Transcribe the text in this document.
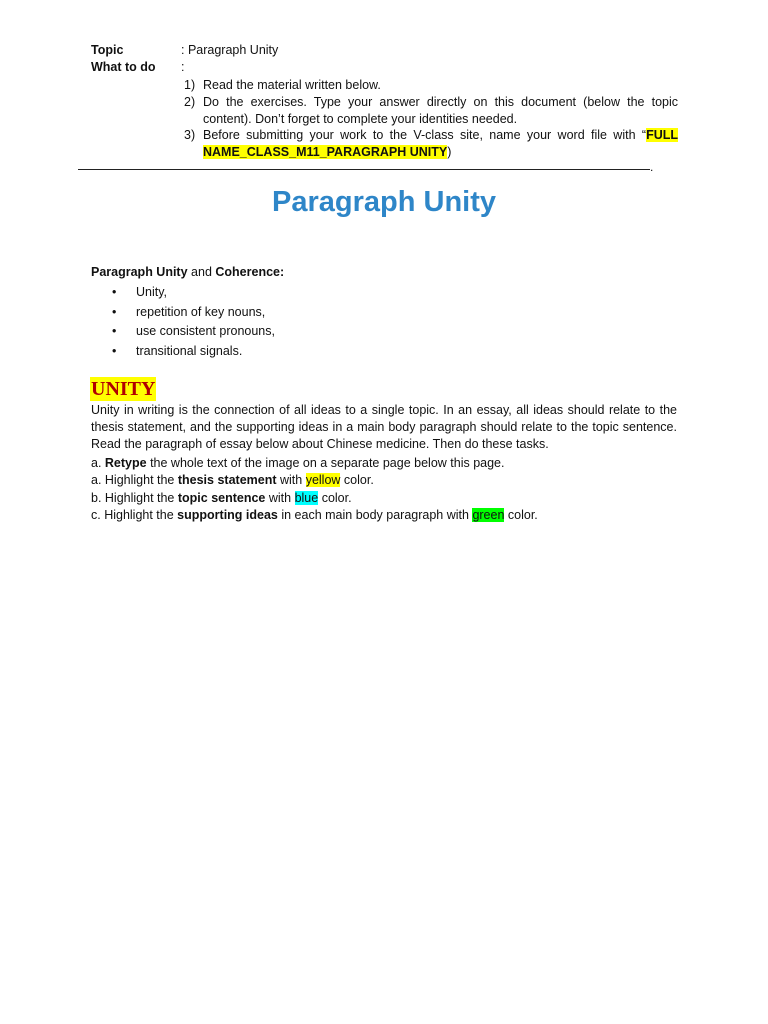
Topic	: Paragraph Unity
What to do :
1) Read the material written below.
2) Do the exercises. Type your answer directly on this document (below the topic content). Don’t forget to complete your identities needed.
3) Before submitting your work to the V-class site, name your word file with “FULL NAME_CLASS_M11_PARAGRAPH UNITY)
.
Paragraph Unity
Paragraph Unity and Coherence:
• Unity,
• repetition of key nouns,
• use consistent pronouns,
• transitional signals.
UNITY
Unity in writing is the connection of all ideas to a single topic. In an essay, all ideas should relate to the thesis statement, and the supporting ideas in a main body paragraph should relate to the topic sentence. Read the paragraph of essay below about Chinese medicine. Then do these tasks.
a. Retype the whole text of the image on a separate page below this page.
a. Highlight the thesis statement with yellow color.
b. Highlight the topic sentence with blue color.
c. Highlight the supporting ideas in each main body paragraph with green color.
